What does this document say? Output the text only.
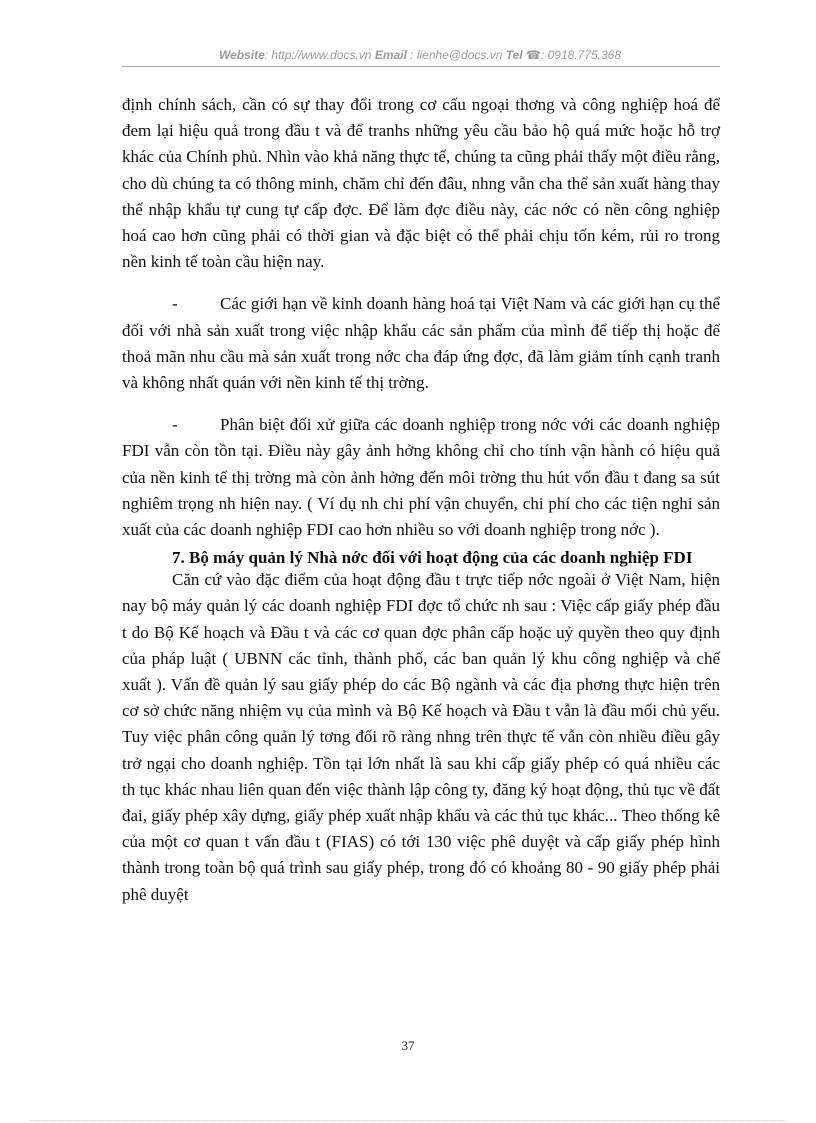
Website: http://www.docs.vn Email : lienhe@docs.vn Tel ☎: 0918.775.368

định chính sách, cần có sự thay đổi trong cơ cấu ngoại thơng và công nghiệp hoá để đem lại hiệu quả trong đầu t và để tranhs những yêu cầu bảo hộ quá mức hoặc hỗ trợ khác của Chính phủ. Nhìn vào khả năng thực tế, chúng ta cũng phải thấy một điều rằng, cho dù chúng ta có thông minh, chăm chỉ đến đâu, nhng vẫn cha thể sản xuất hàng thay thế nhập khẩu tự cung tự cấp đợc. Để làm đợc điều này, các nớc có nền công nghiệp hoá cao hơn cũng phải có thời gian và đặc biệt có thể phải chịu tốn kém, rủi ro trong nền kinh tế toàn cầu hiện nay.

- Các giới hạn về kinh doanh hàng hoá tại Việt Nam và các giới hạn cụ thể đối với nhà sản xuất trong việc nhập khẩu các sản phẩm của mình để tiếp thị hoặc để thoả mãn nhu cầu mà sản xuất trong nớc cha đáp ứng đợc, đã làm giảm tính cạnh tranh và không nhất quán với nền kinh tế thị trờng.

- Phân biệt đối xử giữa các doanh nghiệp trong nớc với các doanh nghiệp FDI vẫn còn tồn tại. Điều này gây ảnh hởng không chỉ cho tính vận hành có hiệu quả của nền kinh tế thị trờng mà còn ảnh hởng đến môi trờng thu hút vốn đầu t đang sa sút nghiêm trọng nh hiện nay. ( Ví dụ nh chi phí vận chuyển, chi phí cho các tiện nghi sản xuất của các doanh nghiệp FDI cao hơn nhiều so với doanh nghiệp trong nớc ).

7. Bộ máy quản lý Nhà nớc đối với hoạt động của các doanh nghiệp FDI

Căn cứ vào đặc điểm của hoạt động đầu t trực tiếp nớc ngoài ở Việt Nam, hiện nay bộ máy quản lý các doanh nghiệp FDI đợc tổ chức nh sau : Việc cấp giấy phép đầu t do Bộ Kế hoạch và Đầu t và các cơ quan đợc phân cấp hoặc uỷ quyền theo quy định của pháp luật ( UBNN các tỉnh, thành phố, các ban quản lý khu công nghiệp và chế xuất ). Vấn đề quản lý sau giấy phép do các Bộ ngành và các địa phơng thực hiện trên cơ sở chức năng nhiệm vụ của mình và Bộ Kế hoạch và Đầu t vẫn là đầu mối chủ yếu. Tuy việc phân công quản lý tơng đối rõ ràng nhng trên thực tế vẫn còn nhiều điều gây trở ngại cho doanh nghiệp. Tồn tại lớn nhất là sau khi cấp giấy phép có quá nhiều các th tục khác nhau liên quan đến việc thành lập công ty, đăng ký hoạt động, thủ tục về đất đai, giấy phép xây dựng, giấy phép xuất nhập khẩu và các thủ tục khác... Theo thống kê của một cơ quan t vấn đầu t (FIAS) có tới 130 việc phê duyệt và cấp giấy phép hình thành trong toàn bộ quá trình sau giấy phép, trong đó có khoảng 80 - 90 giấy phép phải phê duyệt

37
